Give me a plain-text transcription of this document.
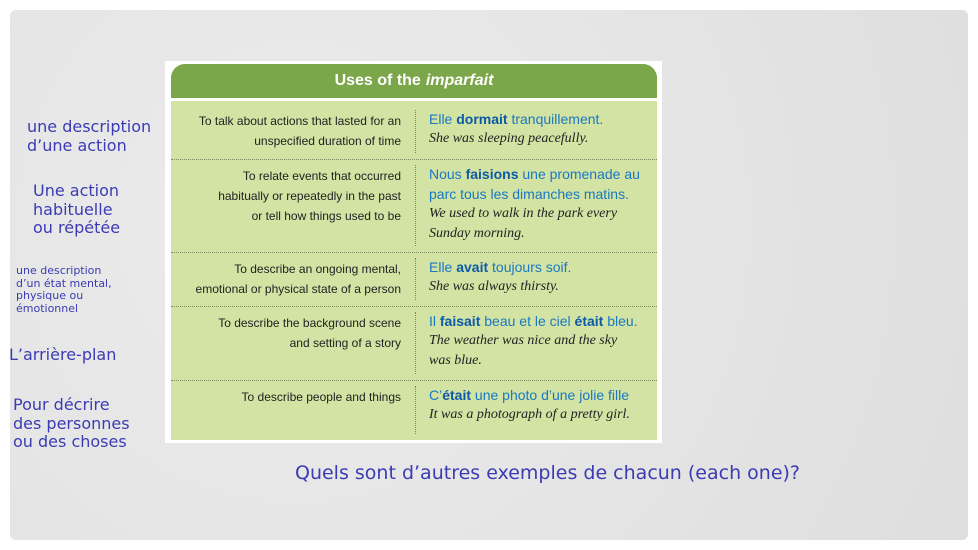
une description
d’une action
Une action
habituelle
ou répétée
une description
d’un état mental,
physique ou
émotionnel
L’arrière-plan
Pour décrire
des personnes
ou des choses
Uses of the imparfait
To talk about actions that lasted for an
unspecified duration of time
Elle dormait tranquillement.
She was sleeping peacefully.
To relate events that occurred
habitually or repeatedly in the past
or tell how things used to be
Nous faisions une promenade au parc tous les dimanches matins.
We used to walk in the park every
Sunday morning.
To describe an ongoing mental,
emotional or physical state of a person
Elle avait toujours soif.
She was always thirsty.
To describe the background scene
and setting of a story
Il faisait beau et le ciel était bleu.
The weather was nice and the sky
was blue.
To describe people and things C’était une photo d’une jolie fille
It was a photograph of a pretty girl.
Quels sont d’autres exemples de chacun (each one)?
